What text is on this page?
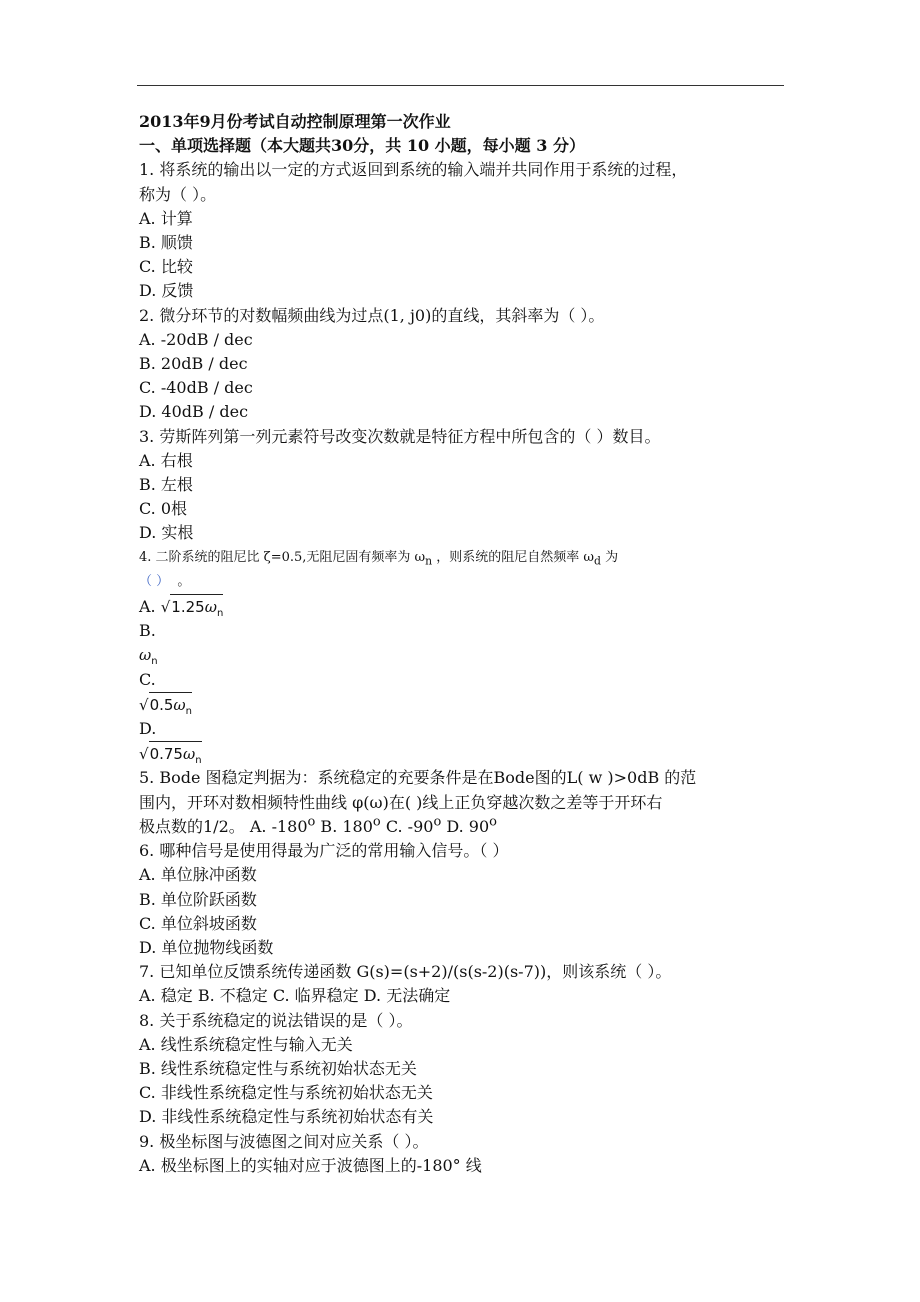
2013年9月份考试自动控制原理第一次作业
一、单项选择题（本大题共30分，共 10 小题，每小题 3 分）
1. 将系统的输出以一定的方式返回到系统的输入端并共同作用于系统的过程，
称为（ ）。
A. 计算
B. 顺馈
C. 比较
D. 反馈
2. 微分环节的对数幅频曲线为过点(1, j0)的直线，其斜率为（ ）。
A. -20dB / dec
B. 20dB / dec
C. -40dB / dec
D. 40dB / dec
3. 劳斯阵列第一列元素符号改变次数就是特征方程中所包含的（ ）数目。
A. 右根
B. 左根
C. 0根
D. 实根
4. 二阶系统的阻尼比 ζ=0.5,无阻尼固有频率为 $\omega_n$ ，则系统的阻尼自然频率 $\omega_d$ 为
（ ） 。
A. $√1.25\omega_n$
B.
$\omega_n$
C.
$√0.5\omega_n$
D.
$√0.75\omega_n$
5. Bode 图稳定判据为：系统稳定的充要条件是在Bode图的L( w )>0dB 的范
围内，开环对数相频特性曲线 φ(ω)在( )线上正负穿越次数之差等于开环右
极点数的1/2。 A. -180$^o$ B. 180$^o$ C. -90$^o$ D. 90$^o$
6. 哪种信号是使用得最为广泛的常用输入信号。（ ）
A. 单位脉冲函数
B. 单位阶跃函数
C. 单位斜坡函数
D. 单位抛物线函数
7. 已知单位反馈系统传递函数 G(s)=(s+2)/(s(s-2)(s-7))，则该系统（ ）。
A. 稳定 B. 不稳定 C. 临界稳定 D. 无法确定
8. 关于系统稳定的说法错误的是（ ）。
A. 线性系统稳定性与输入无关
B. 线性系统稳定性与系统初始状态无关
C. 非线性系统稳定性与系统初始状态无关
D. 非线性系统稳定性与系统初始状态有关
9. 极坐标图与波德图之间对应关系（ ）。
A. 极坐标图上的实轴对应于波德图上的-180° 线
